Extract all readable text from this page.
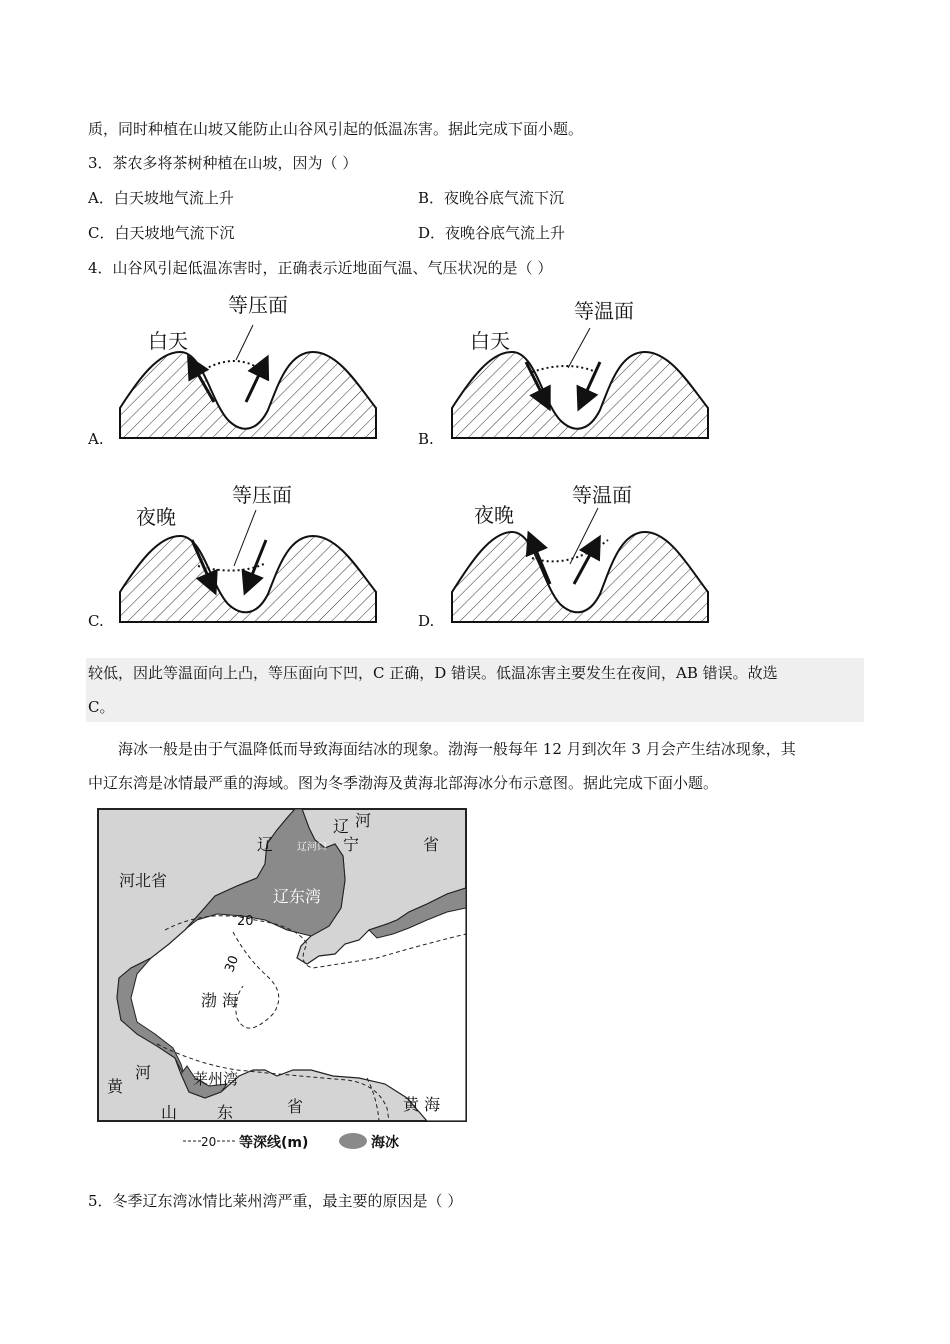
质，同时种植在山坡又能防止山谷风引起的低温冻害。据此完成下面小题。
3．茶农多将茶树种植在山坡，因为（ ）
A．白天坡地气流上升	B．夜晚谷底气流下沉
C．白天坡地气流下沉	D．夜晚谷底气流上升
4．山谷风引起低温冻害时，正确表示近地面气温、气压状况的是（ ）
白天
等压面
A.
白天
等温面
B.
夜晚
等压面
C.
夜晚
等温面
D.
较低，因此等温面向上凸，等压面向下凹，C 正确，D 错误。低温冻害主要发生在夜间，AB 错误。故选
C。
海冰一般是由于气温降低而导致海面结冰的现象。渤海一般每年 12 月到次年 3 月会产生结冰现象，其
中辽东湾是冰情最严重的海域。图为冬季渤海及黄海北部海冰分布示意图。据此完成下面小题。
辽 河
宁	省
辽 辽河口
河北省
辽东湾
20
30
渤 海
黄
河	莱州湾
山 东	省	黄 海
20 等深线(m)	海冰
5．冬季辽东湾冰情比莱州湾严重，最主要的原因是（ ）
